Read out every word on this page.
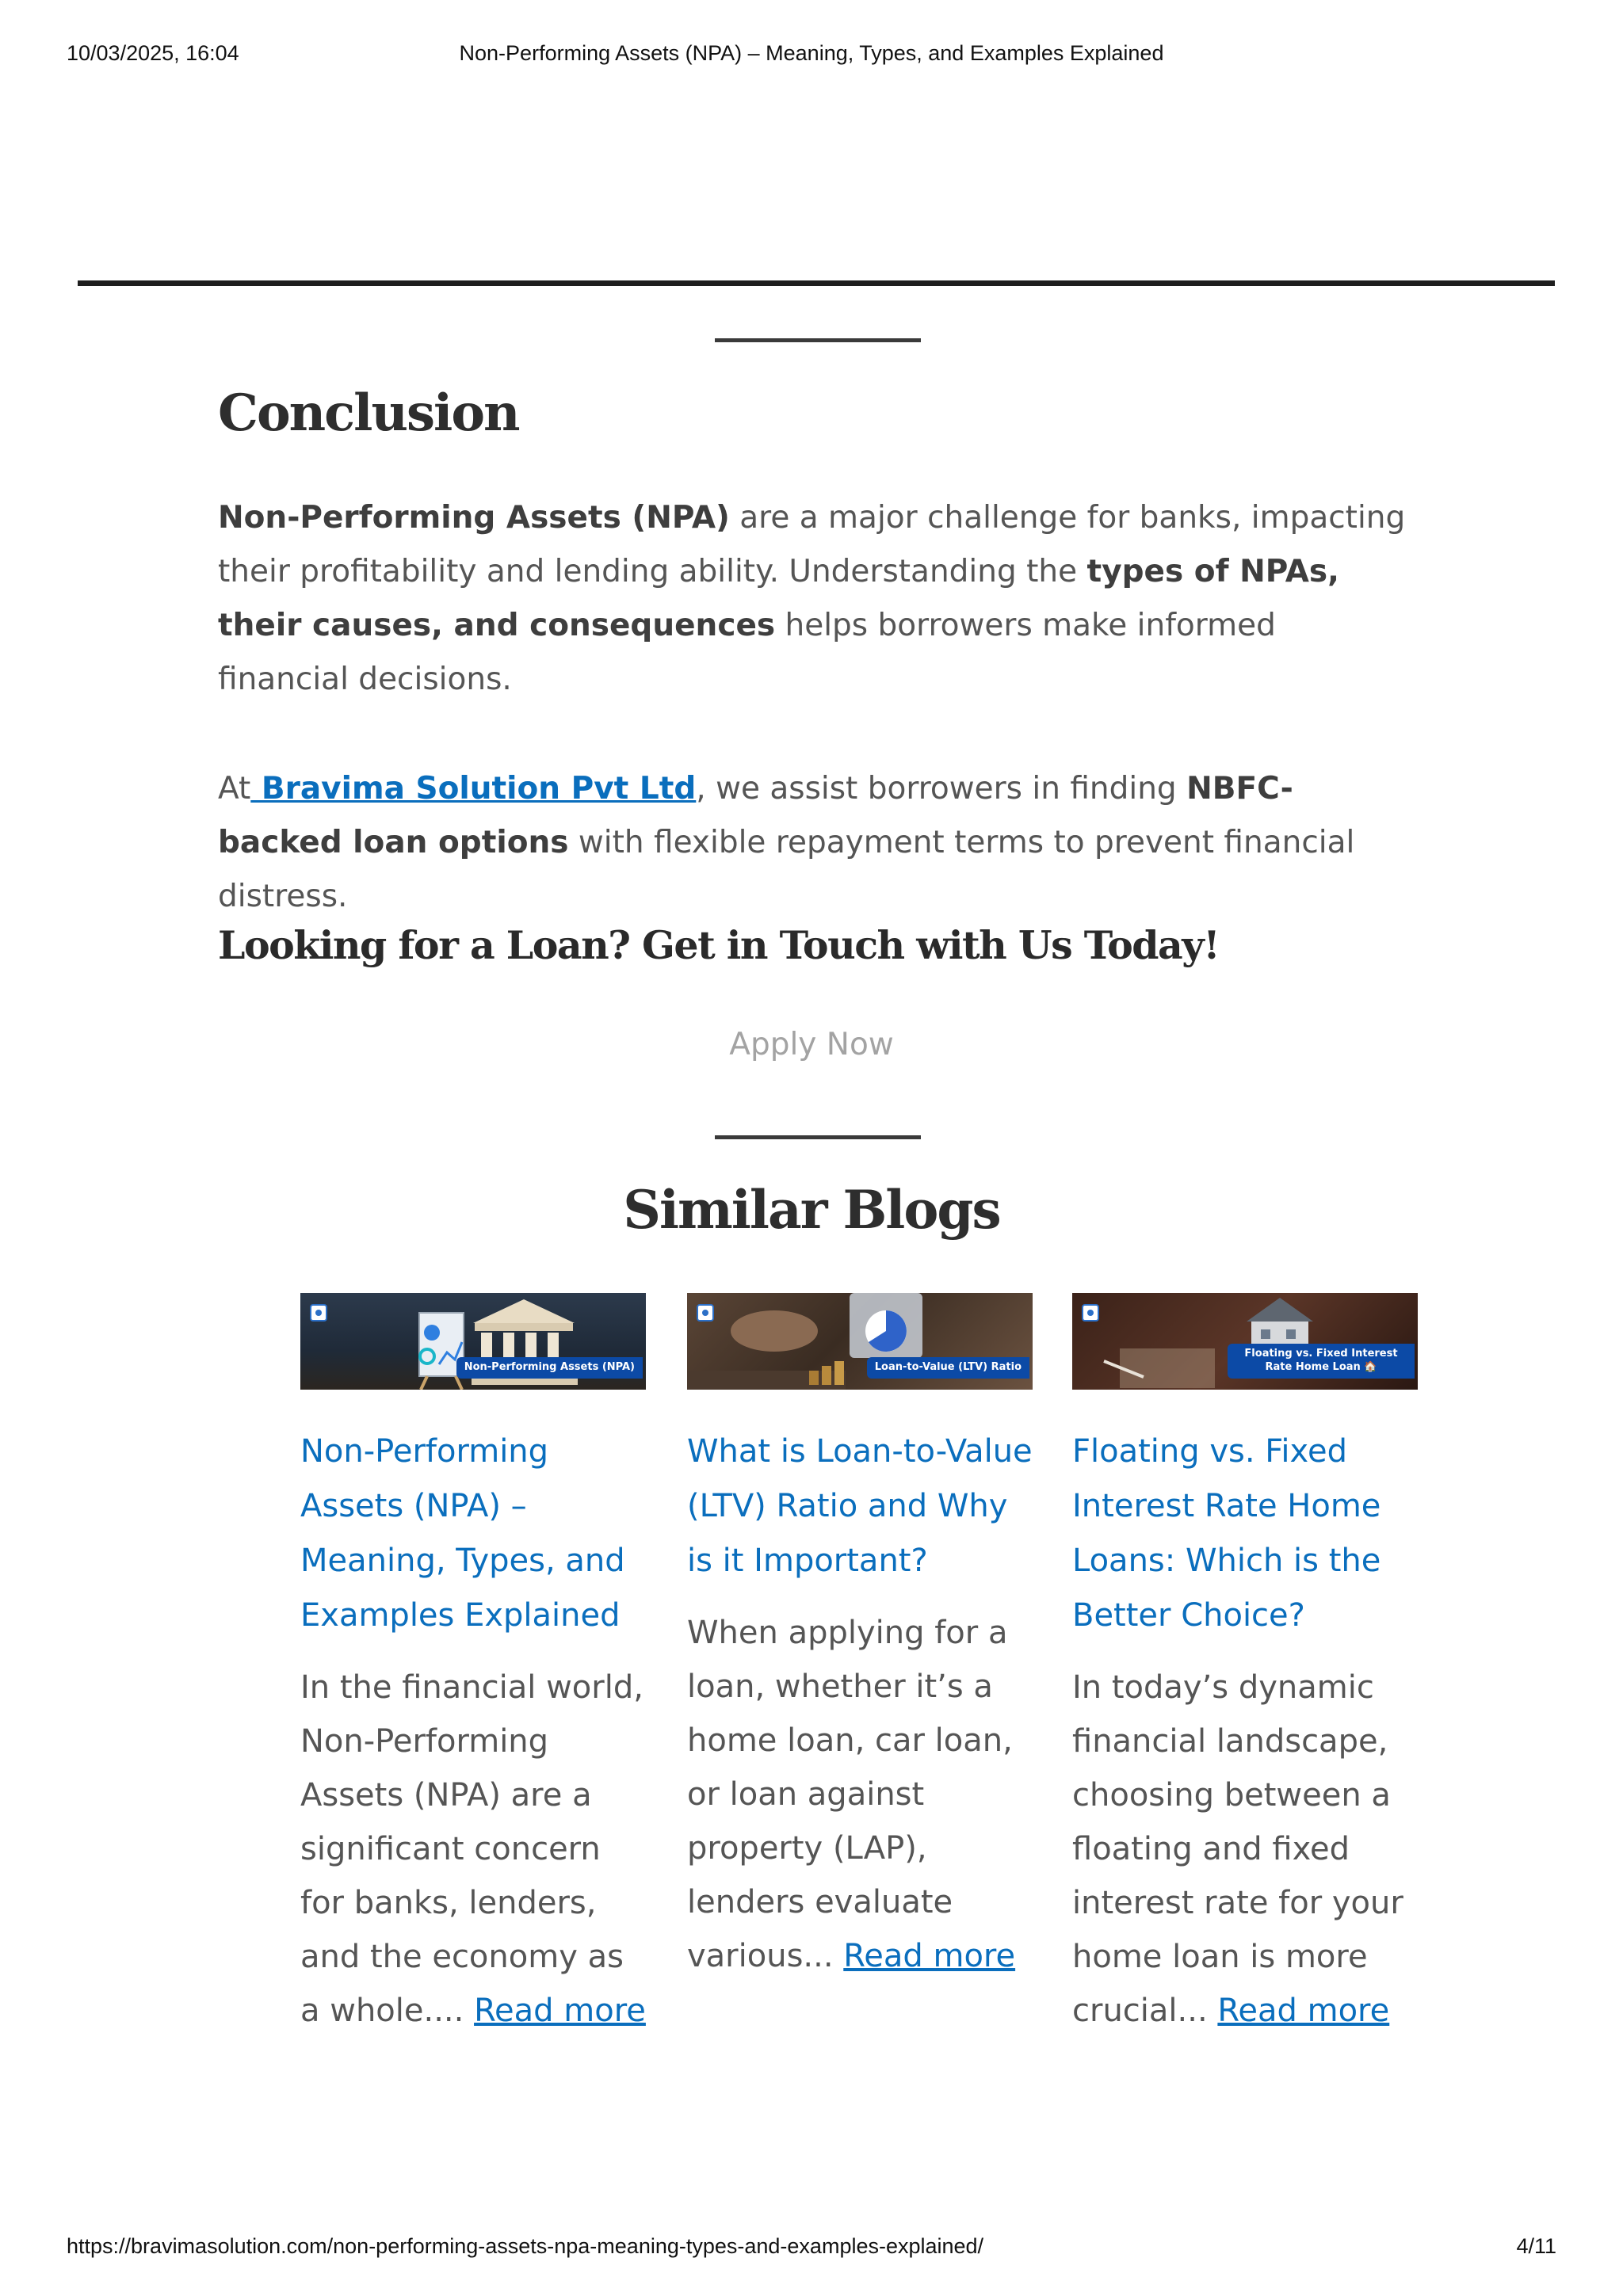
10/03/2025, 16:04	Non-Performing Assets (NPA) – Meaning, Types, and Examples Explained
Conclusion

Non-Performing Assets (NPA) are a major challenge for banks, impacting their profitability and lending ability. Understanding the types of NPAs, their causes, and consequences helps borrowers make informed financial decisions.

At Bravima Solution Pvt Ltd, we assist borrowers in finding NBFC-backed loan options with flexible repayment terms to prevent financial distress.

Looking for a Loan? Get in Touch with Us Today!
Apply Now
Similar Blogs
Non-Performing Assets (NPA)
Non-Performing Assets (NPA) – Meaning, Types, and Examples Explained

In the financial world, Non-Performing Assets (NPA) are a significant concern for banks, lenders, and the economy as a whole.... Read more

Loan-to-Value (LTV) Ratio
What is Loan-to-Value (LTV) Ratio and Why is it Important?

When applying for a loan, whether it’s a home loan, car loan, or loan against property (LAP), lenders evaluate various... Read more

Floating vs. Fixed Interest Rate Home Loan 🏠
Floating vs. Fixed Interest Rate Home Loans: Which is the Better Choice?

In today’s dynamic financial landscape, choosing between a floating and fixed interest rate for your home loan is more crucial... Read more

https://bravimasolution.com/non-performing-assets-npa-meaning-types-and-examples-explained/	4/11
